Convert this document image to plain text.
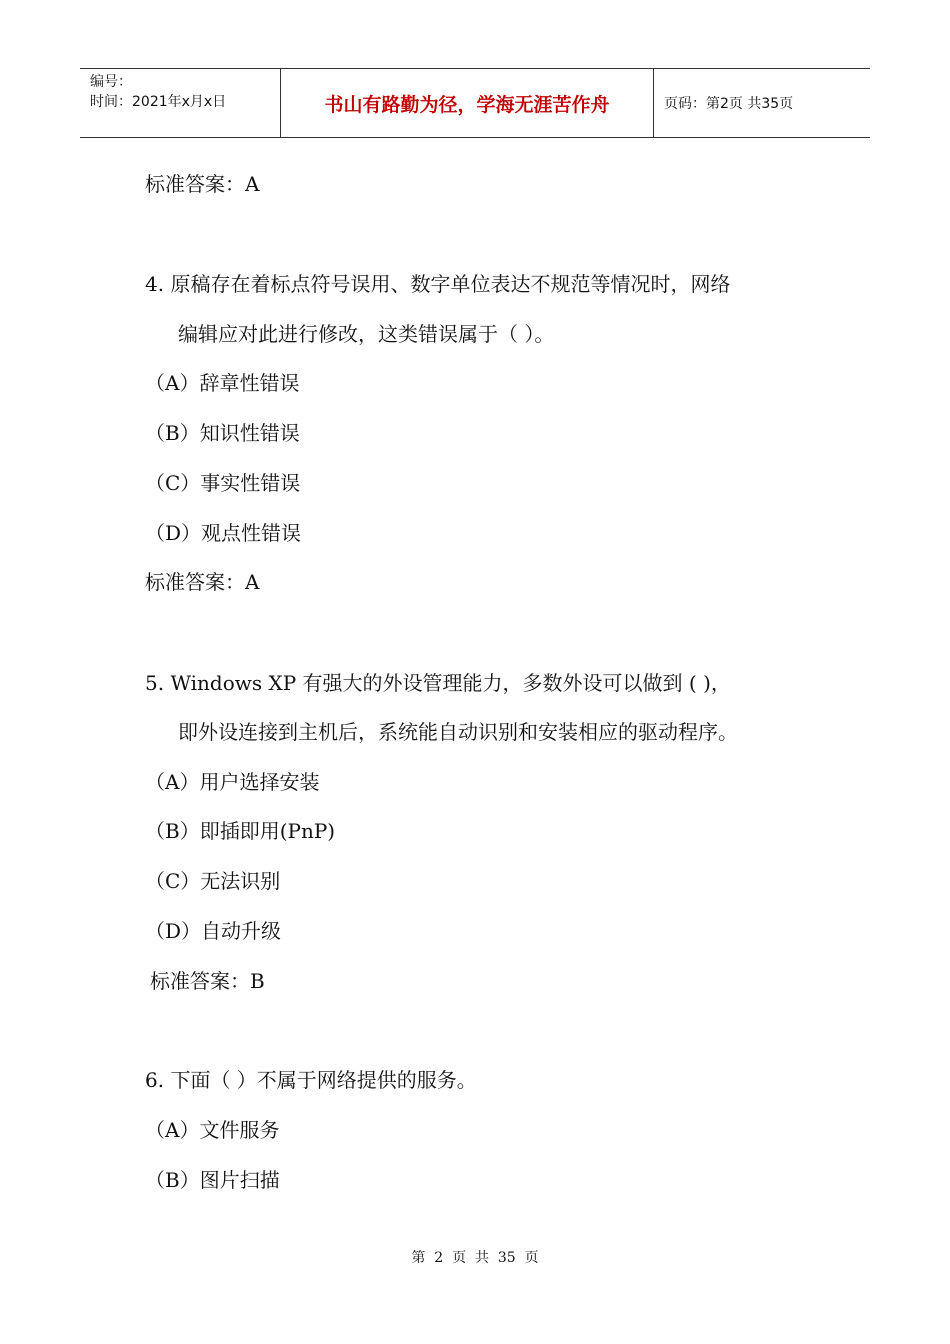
编号：
时间：2021年x月x日	书山有路勤为径，学海无涯苦作舟	页码：第2页 共35页
标准答案：A
4. 原稿存在着标点符号误用、数字单位表达不规范等情况时，网络
编辑应对此进行修改，这类错误属于（ ）。
（A）辞章性错误
（B）知识性错误
（C）事实性错误
（D）观点性错误
标准答案：A
5. Windows XP 有强大的外设管理能力，多数外设可以做到 ( )，
即外设连接到主机后，系统能自动识别和安装相应的驱动程序。
（A）用户选择安装
（B）即插即用(PnP)
（C）无法识别
（D）自动升级
标准答案：B
6. 下面（ ）不属于网络提供的服务。
（A）文件服务
（B）图片扫描
第  2  页  共  35  页
